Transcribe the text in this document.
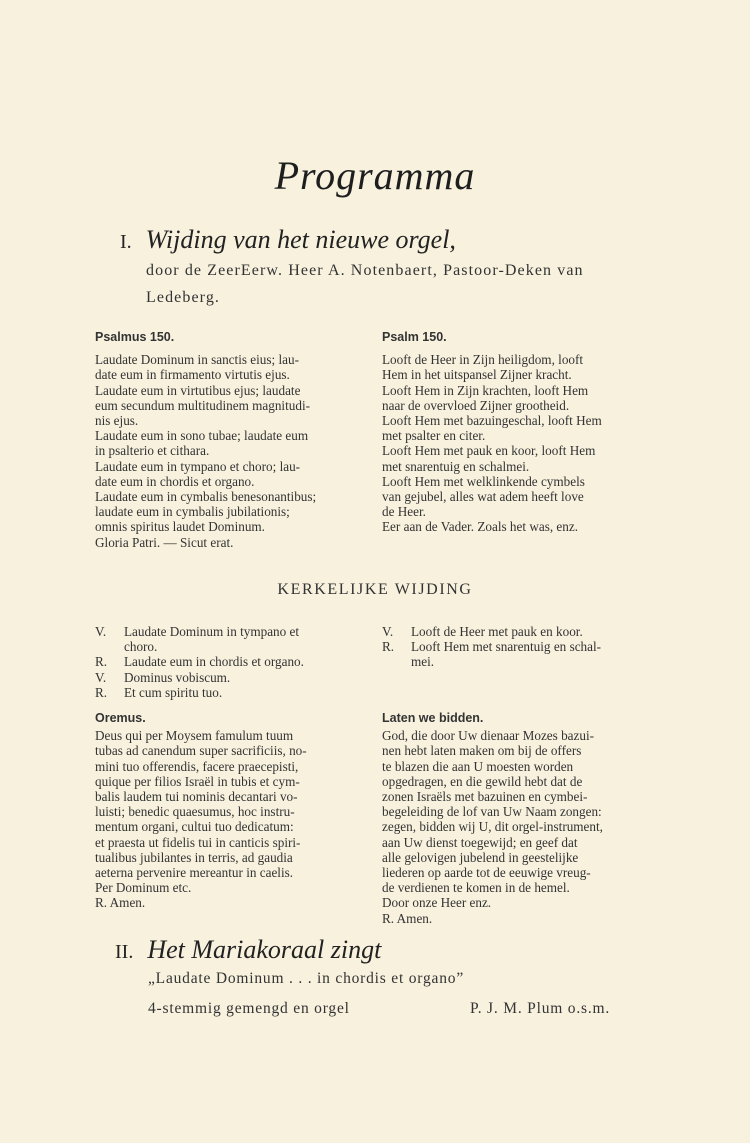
Programma
I. Wijding van het nieuwe orgel,
door de ZeerEerw. Heer A. Notenbaert, Pastoor-Deken van
Ledeberg.
Psalmus 150.
Laudate Dominum in sanctis eius; lau-
date eum in firmamento virtutis ejus.
Laudate eum in virtutibus ejus; laudate
eum secundum multitudinem magnitudi-
nis ejus.
Laudate eum in sono tubae; laudate eum
in psalterio et cithara.
Laudate eum in tympano et choro; lau-
date eum in chordis et organo.
Laudate eum in cymbalis benesonantibus;
laudate eum in cymbalis jubilationis;
omnis spiritus laudet Dominum.
Gloria Patri. — Sicut erat.
Psalm 150.
Looft de Heer in Zijn heiligdom, looft
Hem in het uitspansel Zijner kracht.
Looft Hem in Zijn krachten, looft Hem
naar de overvloed Zijner grootheid.
Looft Hem met bazuingeschal, looft Hem
met psalter en citer.
Looft Hem met pauk en koor, looft Hem
met snarentuig en schalmei.
Looft Hem met welklinkende cymbels
van gejubel, alles wat adem heeft love
de Heer.
Eer aan de Vader. Zoals het was, enz.
KERKELIJKE WIJDING
V.	Laudate Dominum in tympano et
choro.
R.	Laudate eum in chordis et organo.
V.	Dominus vobiscum.
R.	Et cum spiritu tuo.
V.	Looft de Heer met pauk en koor.
R.	Looft Hem met snarentuig en schal-
mei.
Oremus.
Deus qui per Moysem famulum tuum
tubas ad canendum super sacrificiis, no-
mini tuo offerendis, facere praecepisti,
quique per filios Israël in tubis et cym-
balis laudem tui nominis decantari vo-
luisti; benedic quaesumus, hoc instru-
mentum organi, cultui tuo dedicatum:
et praesta ut fidelis tui in canticis spiri-
tualibus jubilantes in terris, ad gaudia
aeterna pervenire mereantur in caelis.
Per Dominum etc.
R. Amen.
Laten we bidden.
God, die door Uw dienaar Mozes bazui-
nen hebt laten maken om bij de offers
te blazen die aan U moesten worden
opgedragen, en die gewild hebt dat de
zonen Israëls met bazuinen en cymbei-
begeleiding de lof van Uw Naam zongen:
zegen, bidden wij U, dit orgel-instrument,
aan Uw dienst toegewijd; en geef dat
alle gelovigen jubelend in geestelijke
liederen op aarde tot de eeuwige vreug-
de verdienen te komen in de hemel.
Door onze Heer enz.
R. Amen.
II. Het Mariakoraal zingt
„Laudate Dominum . . . in chordis et organo”
4-stemmig gemengd en orgel	P. J. M. Plum o.s.m.
